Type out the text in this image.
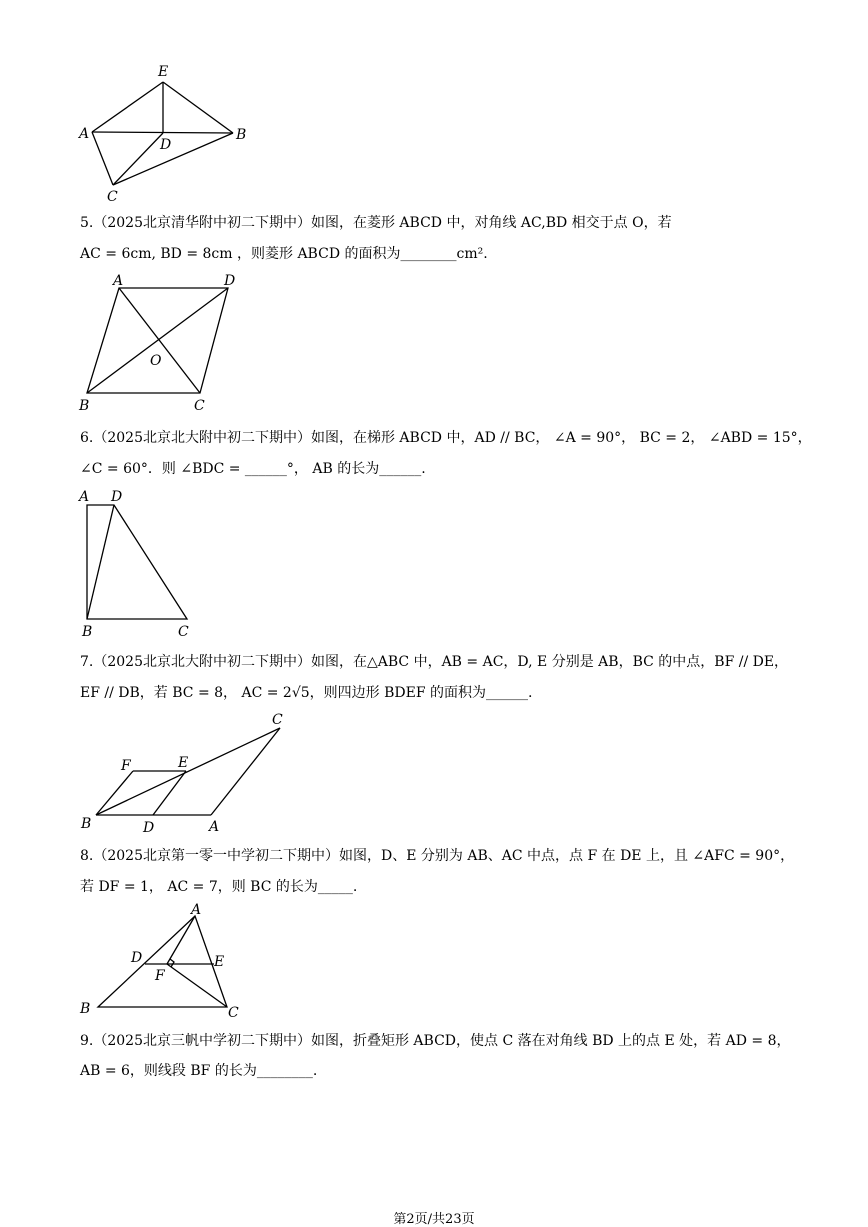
E
A
D
B
C
5.（2025北京清华附中初二下期中）如图，在菱形 ABCD 中，对角线 AC,BD 相交于点 O，若
AC = 6cm, BD = 8cm ，则菱形 ABCD 的面积为________cm².
A	D
O
B	C
6.（2025北京北大附中初二下期中）如图，在梯形 ABCD 中，AD // BC， ∠A = 90°， BC = 2， ∠ABD = 15°，
∠C = 60°．则 ∠BDC = ______°， AB 的长为______.
A D
B	C
7.（2025北京北大附中初二下期中）如图，在△ABC 中，AB = AC，D, E 分别是 AB，BC 的中点，BF // DE，
EF // DB，若 BC = 8， AC = 2√5，则四边形 BDEF 的面积为______.
C
F	E
B	D	A
8.（2025北京第一零一中学初二下期中）如图，D、E 分别为 AB、AC 中点，点 F 在 DE 上，且 ∠AFC = 90°，
若 DF = 1， AC = 7，则 BC 的长为_____.
A
D	E
F
B	C
9.（2025北京三帆中学初二下期中）如图，折叠矩形 ABCD，使点 C 落在对角线 BD 上的点 E 处，若 AD = 8，
AB = 6，则线段 BF 的长为________.
第2页/共23页
